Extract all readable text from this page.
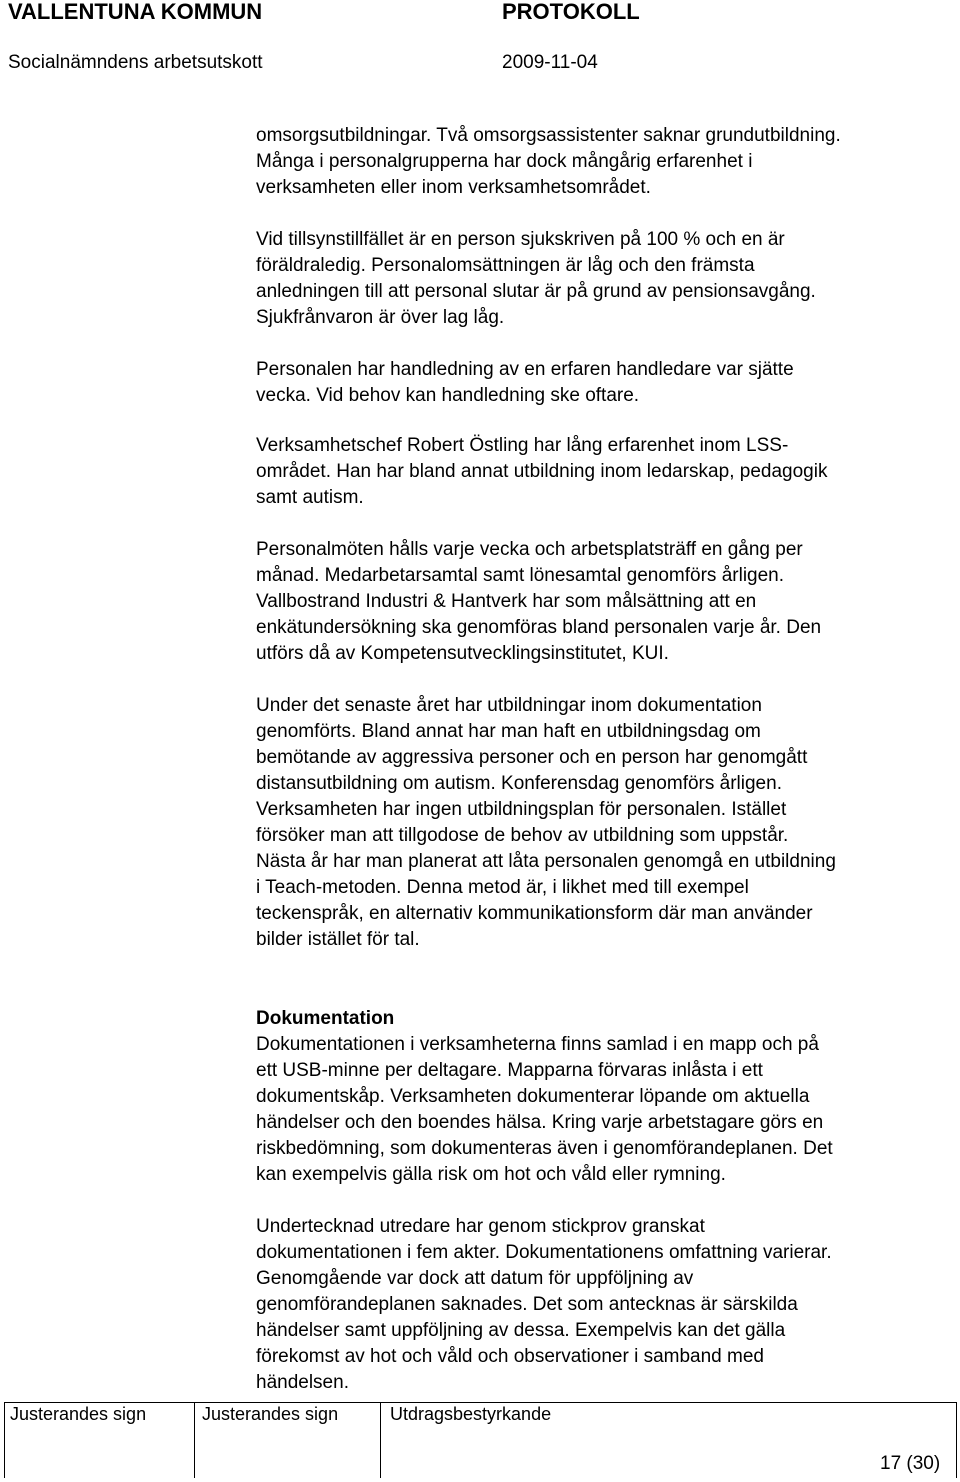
VALLENTUNA KOMMUN	PROTOKOLL
Socialnämndens arbetsutskott	2009-11-04

omsorgsutbildningar. Två omsorgsassistenter saknar grundutbildning.

Många i personalgrupperna har dock mångårig erfarenhet i

verksamheten eller inom verksamhetsområdet.

Vid tillsynstillfället är en person sjukskriven på 100 % och en är

föräldraledig. Personalomsättningen är låg och den främsta

anledningen till att personal slutar är på grund av pensionsavgång.

Sjukfrånvaron är över lag låg.

Personalen har handledning av en erfaren handledare var sjätte

vecka. Vid behov kan handledning ske oftare.

Verksamhetschef Robert Östling har lång erfarenhet inom LSS-

området. Han har bland annat utbildning inom ledarskap, pedagogik

samt autism.

Personalmöten hålls varje vecka och arbetsplatsträff en gång per

månad. Medarbetarsamtal samt lönesamtal genomförs årligen.

Vallbostrand Industri & Hantverk har som målsättning att en

enkätundersökning ska genomföras bland personalen varje år. Den

utförs då av Kompetensutvecklingsinstitutet, KUI.

Under det senaste året har utbildningar inom dokumentation

genomförts. Bland annat har man haft en utbildningsdag om

bemötande av aggressiva personer och en person har genomgått

distansutbildning om autism. Konferensdag genomförs årligen.

Verksamheten har ingen utbildningsplan för personalen. Istället

försöker man att tillgodose de behov av utbildning som uppstår.

Nästa år har man planerat att låta personalen genomgå en utbildning

i Teach-metoden. Denna metod är, i likhet med till exempel

teckenspråk, en alternativ kommunikationsform där man använder

bilder istället för tal.

Dokumentation

Dokumentationen i verksamheterna finns samlad i en mapp och på

ett USB-minne per deltagare. Mapparna förvaras inlåsta i ett

dokumentskåp. Verksamheten dokumenterar löpande om aktuella

händelser och den boendes hälsa. Kring varje arbetstagare görs en

riskbedömning, som dokumenteras även i genomförandeplanen. Det

kan exempelvis gälla risk om hot och våld eller rymning.

Undertecknad utredare har genom stickprov granskat

dokumentationen i fem akter. Dokumentationens omfattning varierar.

Genomgående var dock att datum för uppföljning av

genomförandeplanen saknades. Det som antecknas är särskilda

händelser samt uppföljning av dessa. Exempelvis kan det gälla

förekomst av hot och våld och observationer i samband med

händelsen.

Justerandes sign	Justerandes sign	Utdragsbestyrkande
17 (30)
